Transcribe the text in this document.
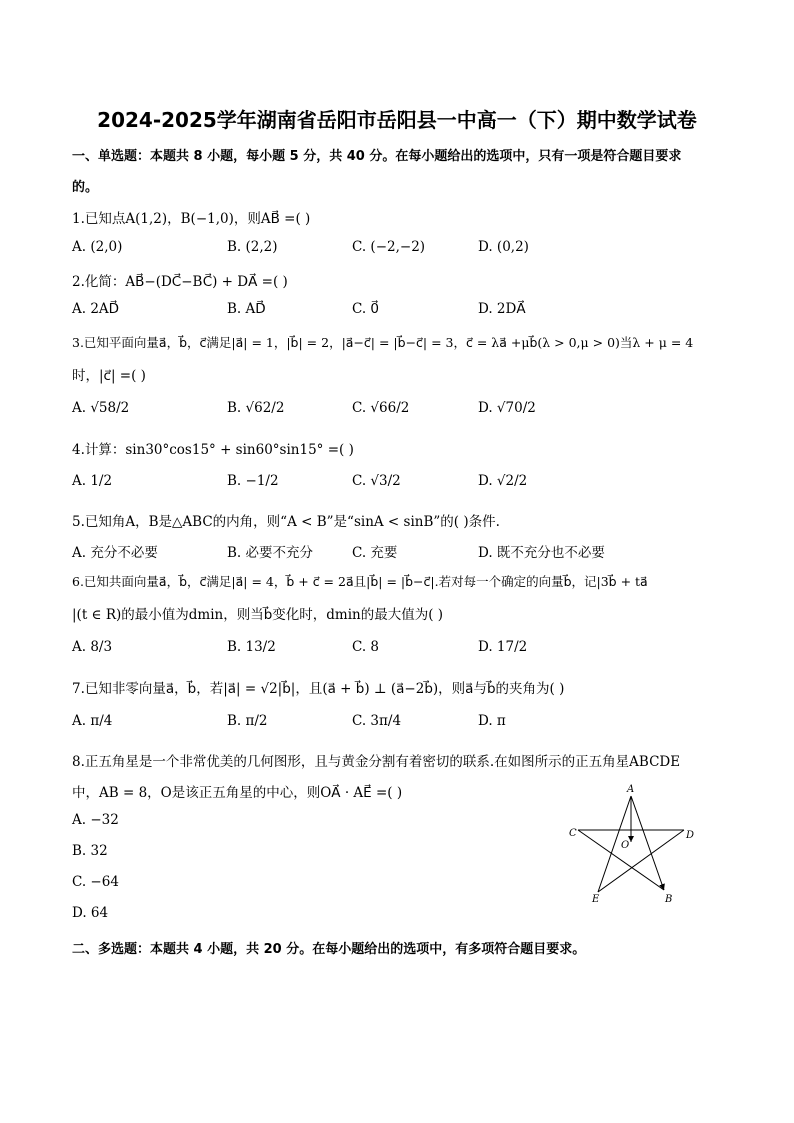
2024-2025学年湖南省岳阳市岳阳县一中高一（下）期中数学试卷
一、单选题：本题共 8 小题，每小题 5 分，共 40 分。在每小题给出的选项中，只有一项是符合题目要求
的。
1.已知点A(1,2)，B(−1,0)，则AB⃗ =( )
A. (2,0)	B. (2,2)	C. (−2,−2)	D. (0,2)
2.化简：AB⃗−(DC⃗−BC⃗) + DA⃗ =( )
A. 2AD⃗	B. AD⃗	C. 0⃗	D. 2DA⃗
3.已知平面向量a⃗，b⃗，c⃗满足|a⃗| = 1，|b⃗| = 2，|a⃗−c⃗| = |b⃗−c⃗| = 3，c⃗ = λa⃗ +μb⃗(λ > 0,μ > 0)当λ + μ = 4
时，|c⃗| =( )
A. √58/2	B. √62/2	C. √66/2	D. √70/2
4.计算：sin30°cos15° + sin60°sin15° =( )
A. 1/2	B. −1/2	C. √3/2	D. √2/2
5.已知角A，B是△ABC的内角，则“A < B”是“sinA < sinB”的( )条件.
A. 充分不必要	B. 必要不充分	C. 充要	D. 既不充分也不必要
6.已知共面向量a⃗，b⃗，c⃗满足|a⃗| = 4，b⃗ + c⃗ = 2a⃗且|b⃗| = |b⃗−c⃗|.若对每一个确定的向量b⃗，记|3b⃗ + ta⃗
|(t ∈ R)的最小值为dmin，则当b⃗变化时，dmin的最大值为( )
A. 8/3	B. 13/2	C. 8	D. 17/2
7.已知非零向量a⃗，b⃗，若|a⃗| = √2|b⃗|，且(a⃗ + b⃗) ⊥ (a⃗−2b⃗)，则a⃗与b⃗的夹角为( )
A. π/4	B. π/2	C. 3π/4	D. π
8.正五角星是一个非常优美的几何图形，且与黄金分割有着密切的联系.在如图所示的正五角星ABCDE
中，AB = 8，O是该正五角星的中心，则OA⃗ · AE⃗ =( )
A. −32
B. 32
C. −64
D. 64
A
B
C	D
E
O
二、多选题：本题共 4 小题，共 20 分。在每小题给出的选项中，有多项符合题目要求。
